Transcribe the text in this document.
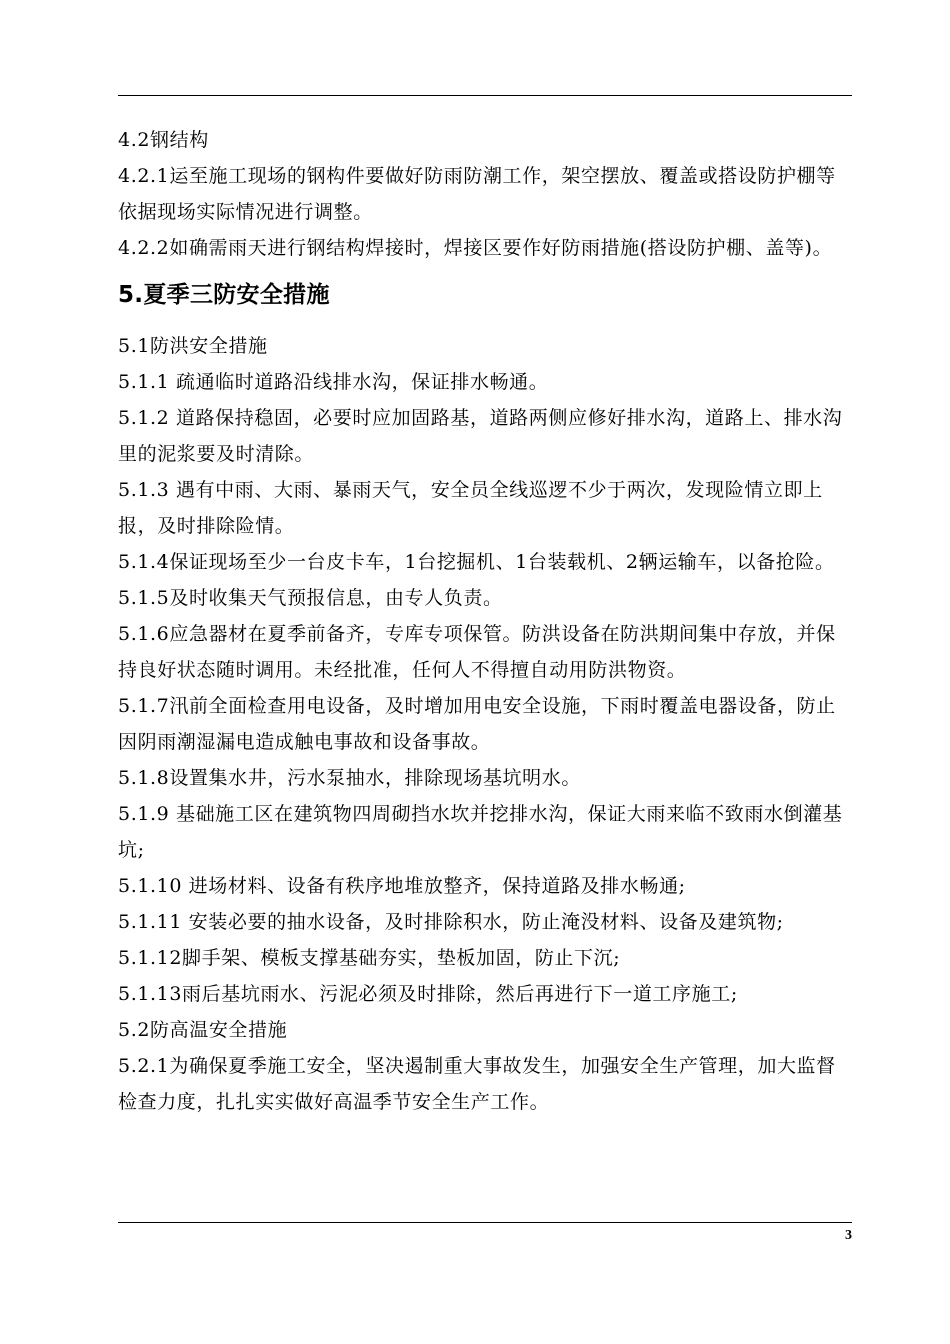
4.2钢结构

4.2.1运至施工现场的钢构件要做好防雨防潮工作，架空摆放、覆盖或搭设防护棚等依据现场实际情况进行调整。

4.2.2如确需雨天进行钢结构焊接时，焊接区要作好防雨措施(搭设防护棚、盖等)。

5.夏季三防安全措施

5.1防洪安全措施

5.1.1 疏通临时道路沿线排水沟，保证排水畅通。

5.1.2 道路保持稳固，必要时应加固路基，道路两侧应修好排水沟，道路上、排水沟里的泥浆要及时清除。

5.1.3 遇有中雨、大雨、暴雨天气，安全员全线巡逻不少于两次，发现险情立即上报，及时排除险情。

5.1.4保证现场至少一台皮卡车，1台挖掘机、1台装载机、2辆运输车，以备抢险。

5.1.5及时收集天气预报信息，由专人负责。

5.1.6应急器材在夏季前备齐，专库专项保管。防洪设备在防洪期间集中存放，并保持良好状态随时调用。未经批准，任何人不得擅自动用防洪物资。

5.1.7汛前全面检查用电设备，及时增加用电安全设施，下雨时覆盖电器设备，防止因阴雨潮湿漏电造成触电事故和设备事故。

5.1.8设置集水井，污水泵抽水，排除现场基坑明水。

5.1.9 基础施工区在建筑物四周砌挡水坎并挖排水沟，保证大雨来临不致雨水倒灌基坑;

5.1.10 进场材料、设备有秩序地堆放整齐，保持道路及排水畅通;

5.1.11 安装必要的抽水设备，及时排除积水，防止淹没材料、设备及建筑物;

5.1.12脚手架、模板支撑基础夯实，垫板加固，防止下沉;

5.1.13雨后基坑雨水、污泥必须及时排除，然后再进行下一道工序施工;

5.2防高温安全措施

5.2.1为确保夏季施工安全，坚决遏制重大事故发生，加强安全生产管理，加大监督检查力度，扎扎实实做好高温季节安全生产工作。

3
